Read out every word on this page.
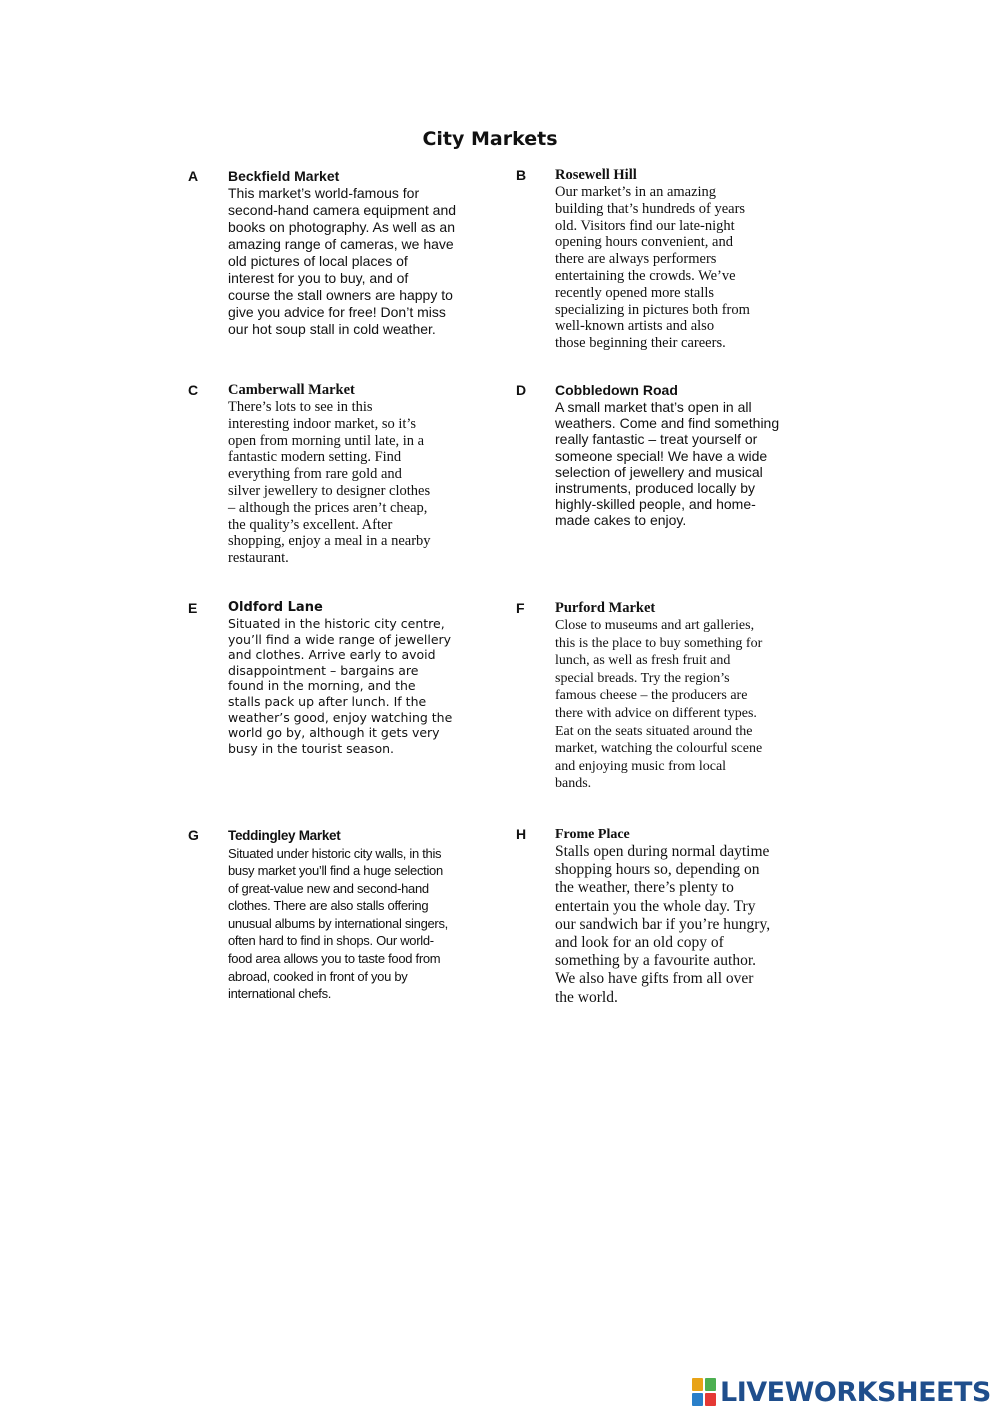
City Markets
A Beckfield Market

This market’s world-famous for

second-hand camera equipment and

books on photography. As well as an

amazing range of cameras, we have

old pictures of local places of

interest for you to buy, and of

course the stall owners are happy to

give you advice for free! Don’t miss

our hot soup stall in cold weather.

B Rosewell Hill

Our market’s in an amazing

building that’s hundreds of years

old. Visitors find our late-night

opening hours convenient, and

there are always performers

entertaining the crowds. We’ve

recently opened more stalls

specializing in pictures both from

well-known artists and also

those beginning their careers.

C Camberwall Market

There’s lots to see in this

interesting indoor market, so it’s

open from morning until late, in a

fantastic modern setting. Find

everything from rare gold and

silver jewellery to designer clothes

– although the prices aren’t cheap,

the quality’s excellent. After

shopping, enjoy a meal in a nearby

restaurant.

D Cobbledown Road

A small market that’s open in all

weathers. Come and find something

really fantastic – treat yourself or

someone special! We have a wide

selection of jewellery and musical

instruments, produced locally by

highly-skilled people, and home-

made cakes to enjoy.

E Oldford Lane

Situated in the historic city centre,

you’ll find a wide range of jewellery

and clothes. Arrive early to avoid

disappointment – bargains are

found in the morning, and the

stalls pack up after lunch. If the

weather’s good, enjoy watching the

world go by, although it gets very

busy in the tourist season.

F Purford Market

Close to museums and art galleries,

this is the place to buy something for

lunch, as well as fresh fruit and

special breads. Try the region’s

famous cheese – the producers are

there with advice on different types.

Eat on the seats situated around the

market, watching the colourful scene

and enjoying music from local

bands.

G Teddingley Market

Situated under historic city walls, in this

busy market you’ll find a huge selection

of great-value new and second-hand

clothes. There are also stalls offering

unusual albums by international singers,

often hard to find in shops. Our world-

food area allows you to taste food from

abroad, cooked in front of you by

international chefs.

H Frome Place

Stalls open during normal daytime

shopping hours so, depending on

the weather, there’s plenty to

entertain you the whole day. Try

our sandwich bar if you’re hungry,

and look for an old copy of

something by a favourite author.

We also have gifts from all over

the world.

LIVEWORKSHEETS
